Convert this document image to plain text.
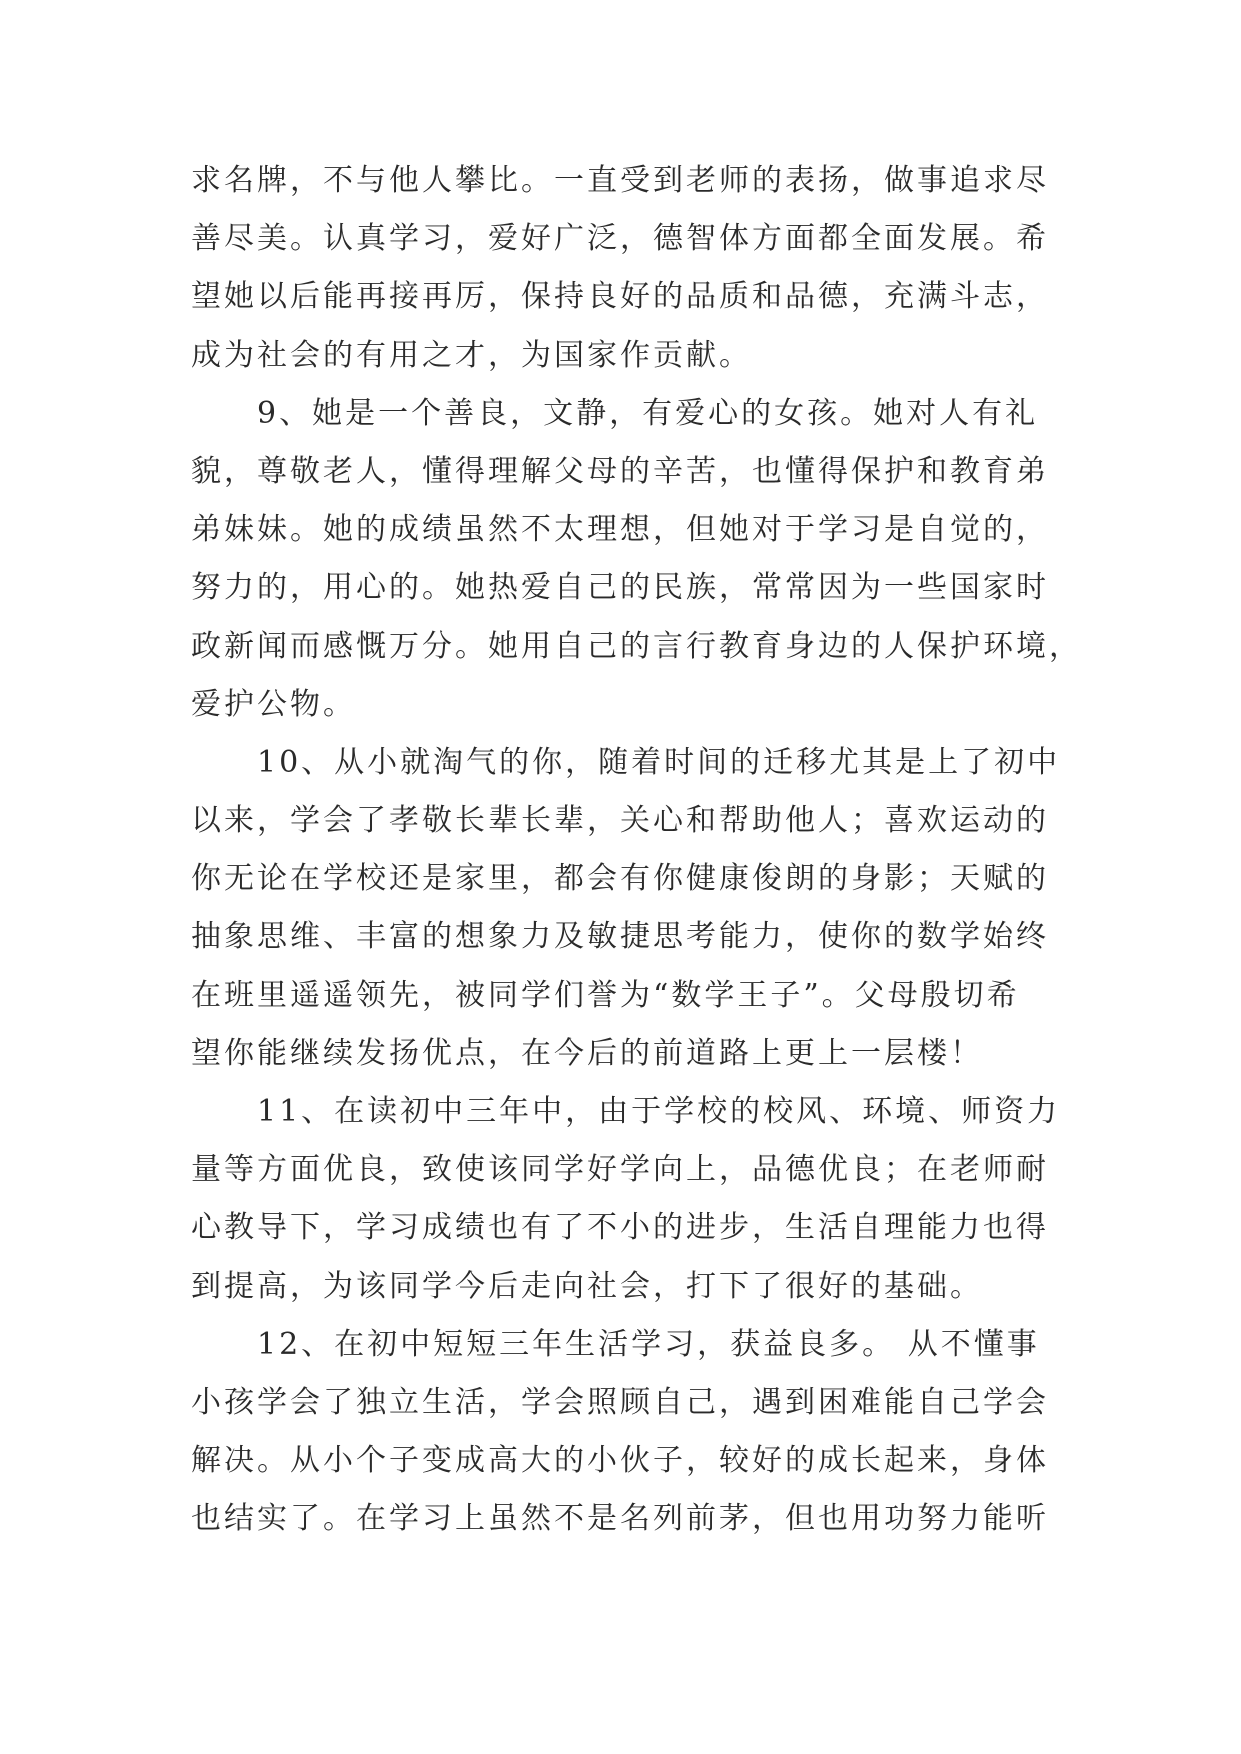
求名牌，不与他人攀比。一直受到老师的表扬，做事追求尽
善尽美。认真学习，爱好广泛，德智体方面都全面发展。希
望她以后能再接再厉，保持良好的品质和品德，充满斗志，
成为社会的有用之才，为国家作贡献。
9、她是一个善良，文静，有爱心的女孩。她对人有礼
貌，尊敬老人，懂得理解父母的辛苦，也懂得保护和教育弟
弟妹妹。她的成绩虽然不太理想，但她对于学习是自觉的，
努力的，用心的。她热爱自己的民族，常常因为一些国家时
政新闻而感慨万分。她用自己的言行教育身边的人保护环境，
爱护公物。
10、从小就淘气的你，随着时间的迁移尤其是上了初中
以来，学会了孝敬长辈长辈，关心和帮助他人；喜欢运动的
你无论在学校还是家里，都会有你健康俊朗的身影；天赋的
抽象思维、丰富的想象力及敏捷思考能力，使你的数学始终
在班里遥遥领先，被同学们誉为“数学王子”。父母殷切希
望你能继续发扬优点，在今后的前道路上更上一层楼！
11、在读初中三年中，由于学校的校风、环境、师资力
量等方面优良，致使该同学好学向上，品德优良；在老师耐
心教导下，学习成绩也有了不小的进步，生活自理能力也得
到提高，为该同学今后走向社会，打下了很好的基础。
12、在初中短短三年生活学习，获益良多。 从不懂事
小孩学会了独立生活，学会照顾自己，遇到困难能自己学会
解决。从小个子变成高大的小伙子，较好的成长起来，身体
也结实了。在学习上虽然不是名列前茅，但也用功努力能听
